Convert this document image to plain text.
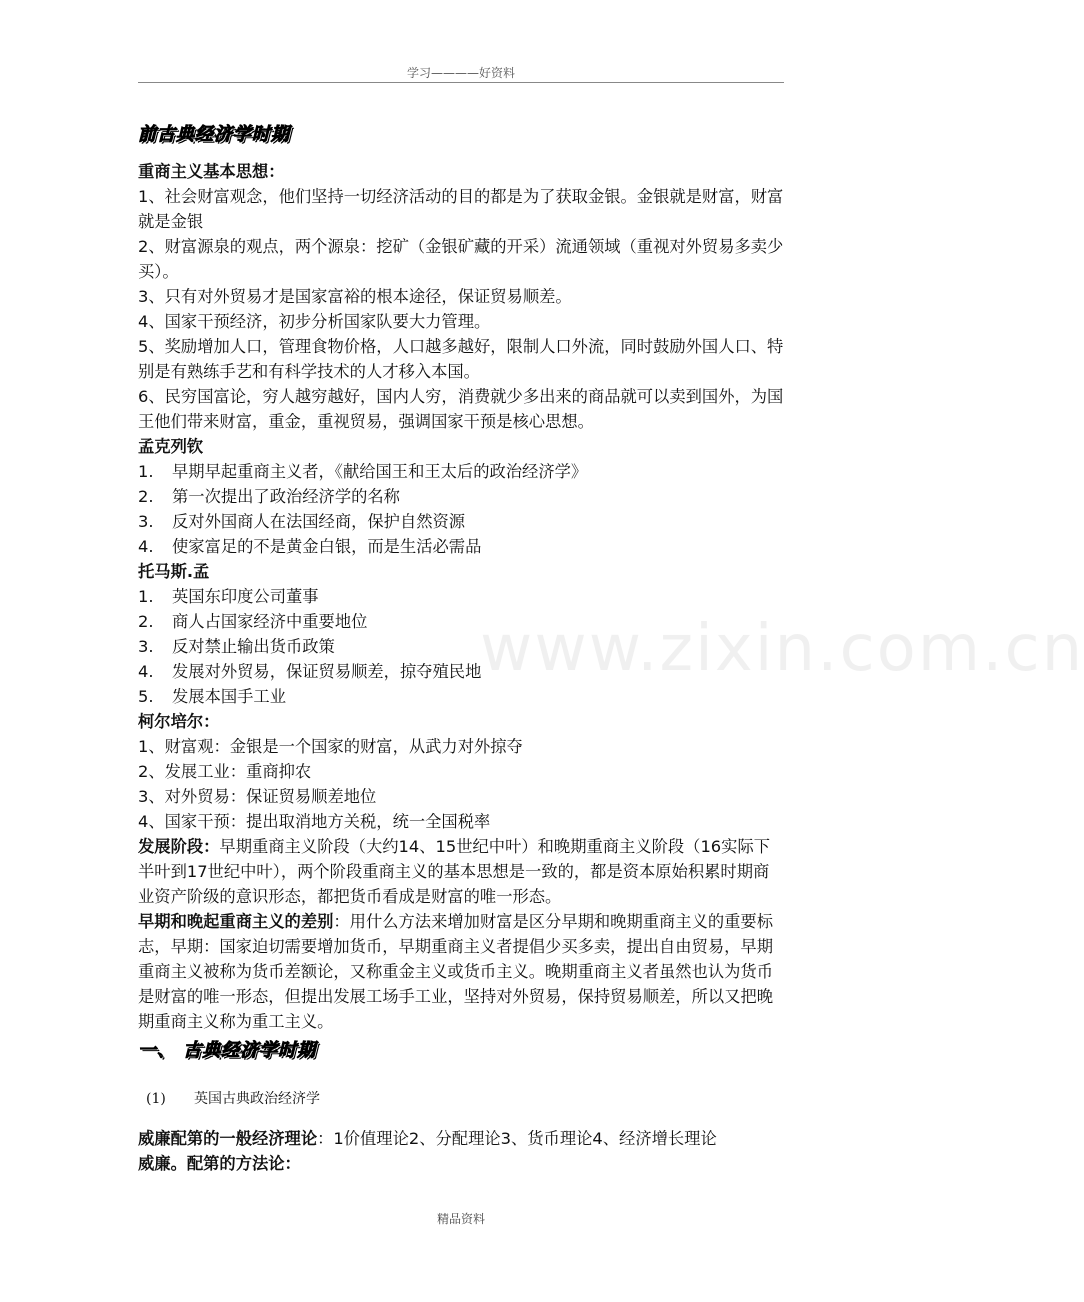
学习————好资料
www.zixin.com.cn

前古典经济学时期

重商主义基本思想：

1、社会财富观念，他们坚持一切经济活动的目的都是为了获取金银。金银就是财富，财富就是金银

2、财富源泉的观点，两个源泉：挖矿（金银矿藏的开采）流通领域（重视对外贸易多卖少买）。

3、只有对外贸易才是国家富裕的根本途径，保证贸易顺差。

4、国家干预经济，初步分析国家队要大力管理。

5、奖励增加人口，管理食物价格，人口越多越好，限制人口外流，同时鼓励外国人口、特别是有熟练手艺和有科学技术的人才移入本国。

6、民穷国富论，穷人越穷越好，国内人穷，消费就少多出来的商品就可以卖到国外，为国王他们带来财富，重金，重视贸易，强调国家干预是核心思想。

孟克列钦

1.	早期早起重商主义者，《献给国王和王太后的政治经济学》

2.	第一次提出了政治经济学的名称

3.	反对外国商人在法国经商，保护自然资源

4.	使家富足的不是黄金白银，而是生活必需品

托马斯.孟

1.	英国东印度公司董事

2.	商人占国家经济中重要地位

3.	反对禁止输出货币政策

4.	发展对外贸易，保证贸易顺差，掠夺殖民地

5.	发展本国手工业

柯尔培尔：

1、财富观：金银是一个国家的财富，从武力对外掠夺

2、发展工业：重商抑农

3、对外贸易：保证贸易顺差地位

4、国家干预：提出取消地方关税，统一全国税率

发展阶段：早期重商主义阶段（大约14、15世纪中叶）和晚期重商主义阶段（16实际下半叶到17世纪中叶），两个阶段重商主义的基本思想是一致的，都是资本原始积累时期商业资产阶级的意识形态，都把货币看成是财富的唯一形态。

早期和晚起重商主义的差别：用什么方法来增加财富是区分早期和晚期重商主义的重要标志，早期：国家迫切需要增加货币，早期重商主义者提倡少买多卖，提出自由贸易，早期重商主义被称为货币差额论，又称重金主义或货币主义。晚期重商主义者虽然也认为货币是财富的唯一形态，但提出发展工场手工业，坚持对外贸易，保持贸易顺差，所以又把晚期重商主义称为重工主义。

一、 古典经济学时期

(1) 英国古典政治经济学

威廉配第的一般经济理论：1价值理论2、分配理论3、货币理论4、经济增长理论

威廉。配第的方法论：

精品资料
